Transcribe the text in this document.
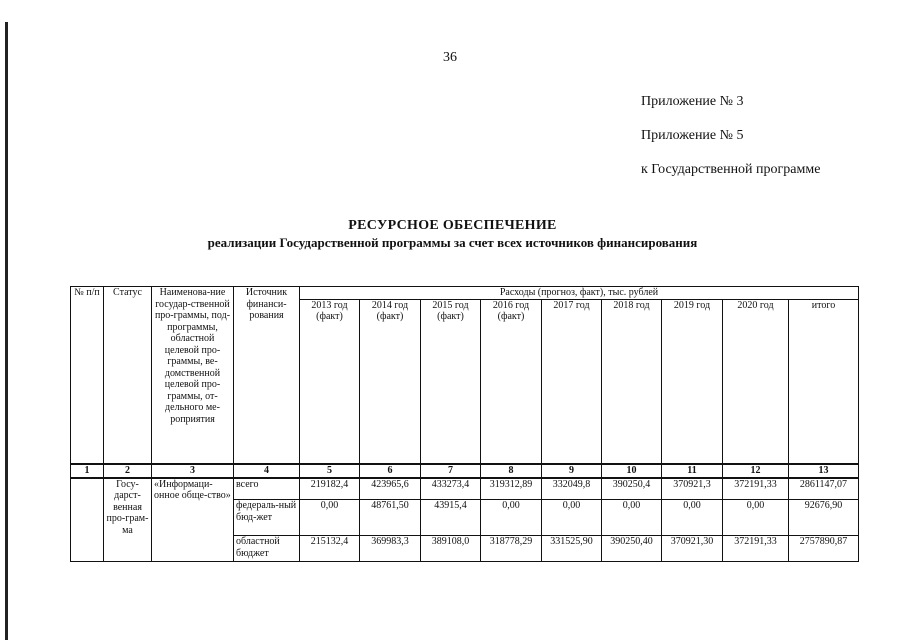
36
Приложение № 3
Приложение № 5
к Государственной программе
РЕСУРСНОЕ ОБЕСПЕЧЕНИЕ
реализации Государственной программы за счет всех источников финансирования
№ п/п	Статус	Наименова-ние государ-ственной про-граммы, под-программы, областной целевой про-граммы, ве-домственной целевой про-граммы, от-дельного ме-роприятия	Источник финанси-рования	Расходы (прогноз, факт), тыс. рублей								
				2013 год (факт)	2014 год (факт)	2015 год (факт)	2016 год (факт)	2017 год	2018 год	2019 год	2020 год	итого
1	2	3	4	5	6	7	8	9	10	11	12	13
	Госу-дарст-венная про-грам-ма	«Информаци-онное обще-ство»	всего	219182,4	423965,6	433273,4	319312,89	332049,8	390250,4	370921,3	372191,33	2861147,07
			федераль-ный бюд-жет	0,00	48761,50	43915,4	0,00	0,00	0,00	0,00	0,00	92676,90
			областной бюджет	215132,4	369983,3	389108,0	318778,29	331525,90	390250,40	370921,30	372191,33	2757890,87
